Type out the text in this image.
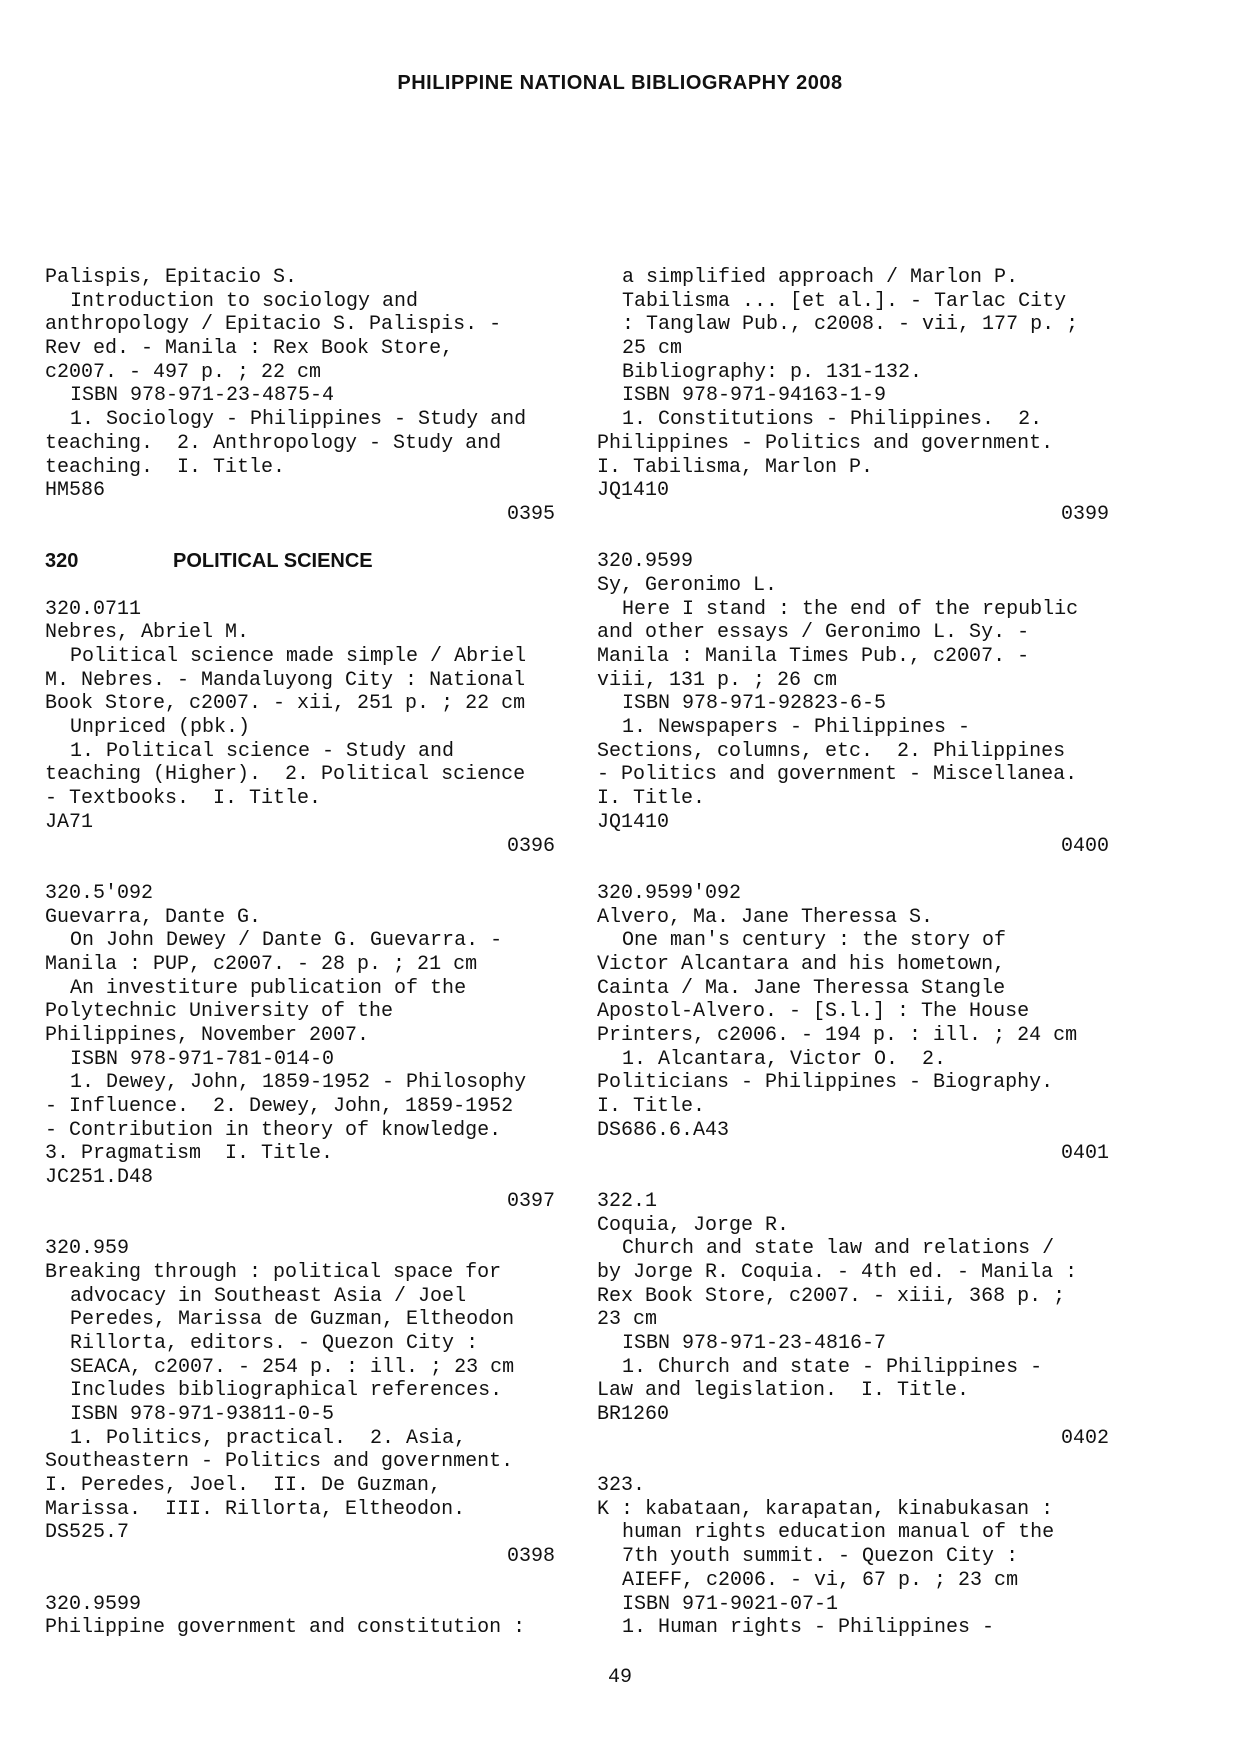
PHILIPPINE NATIONAL BIBLIOGRAPHY 2008
Palispis, Epitacio S.
Introduction to sociology and
anthropology / Epitacio S. Palispis. -
Rev ed. - Manila : Rex Book Store,
c2007. - 497 p. ; 22 cm
ISBN 978-971-23-4875-4
1. Sociology - Philippines - Study and
teaching.  2. Anthropology - Study and
teaching.  I. Title.
HM586
0395
320	POLITICAL SCIENCE
320.0711
Nebres, Abriel M.
Political science made simple / Abriel
M. Nebres. - Mandaluyong City : National
Book Store, c2007. - xii, 251 p. ; 22 cm
Unpriced (pbk.)
1. Political science - Study and
teaching (Higher).  2. Political science
- Textbooks.  I. Title.
JA71
0396
320.5'092
Guevarra, Dante G.
On John Dewey / Dante G. Guevarra. -
Manila : PUP, c2007. - 28 p. ; 21 cm
An investiture publication of the
Polytechnic University of the
Philippines, November 2007.
ISBN 978-971-781-014-0
1. Dewey, John, 1859-1952 - Philosophy
- Influence.  2. Dewey, John, 1859-1952
- Contribution in theory of knowledge.
3. Pragmatism  I. Title.
JC251.D48
0397
320.959
Breaking through : political space for
advocacy in Southeast Asia / Joel
Peredes, Marissa de Guzman, Eltheodon
Rillorta, editors. - Quezon City :
SEACA, c2007. - 254 p. : ill. ; 23 cm
Includes bibliographical references.
ISBN 978-971-93811-0-5
1. Politics, practical.  2. Asia,
Southeastern - Politics and government.
I. Peredes, Joel.  II. De Guzman,
Marissa.  III. Rillorta, Eltheodon.
DS525.7
0398
320.9599
Philippine government and constitution :
a simplified approach / Marlon P.
Tabilisma ... [et al.]. - Tarlac City
: Tanglaw Pub., c2008. - vii, 177 p. ;
25 cm
Bibliography: p. 131-132.
ISBN 978-971-94163-1-9
1. Constitutions - Philippines.  2.
Philippines - Politics and government.
I. Tabilisma, Marlon P.
JQ1410
0399
320.9599
Sy, Geronimo L.
Here I stand : the end of the republic
and other essays / Geronimo L. Sy. -
Manila : Manila Times Pub., c2007. -
viii, 131 p. ; 26 cm
ISBN 978-971-92823-6-5
1. Newspapers - Philippines -
Sections, columns, etc.  2. Philippines
- Politics and government - Miscellanea.
I. Title.
JQ1410
0400
320.9599'092
Alvero, Ma. Jane Theressa S.
One man's century : the story of
Victor Alcantara and his hometown,
Cainta / Ma. Jane Theressa Stangle
Apostol-Alvero. - [S.l.] : The House
Printers, c2006. - 194 p. : ill. ; 24 cm
1. Alcantara, Victor O.  2.
Politicians - Philippines - Biography.
I. Title.
DS686.6.A43
0401
322.1
Coquia, Jorge R.
Church and state law and relations /
by Jorge R. Coquia. - 4th ed. - Manila :
Rex Book Store, c2007. - xiii, 368 p. ;
23 cm
ISBN 978-971-23-4816-7
1. Church and state - Philippines -
Law and legislation.  I. Title.
BR1260
0402
323.
K : kabataan, karapatan, kinabukasan :
human rights education manual of the
7th youth summit. - Quezon City :
AIEFF, c2006. - vi, 67 p. ; 23 cm
ISBN 971-9021-07-1
1. Human rights - Philippines -
49
